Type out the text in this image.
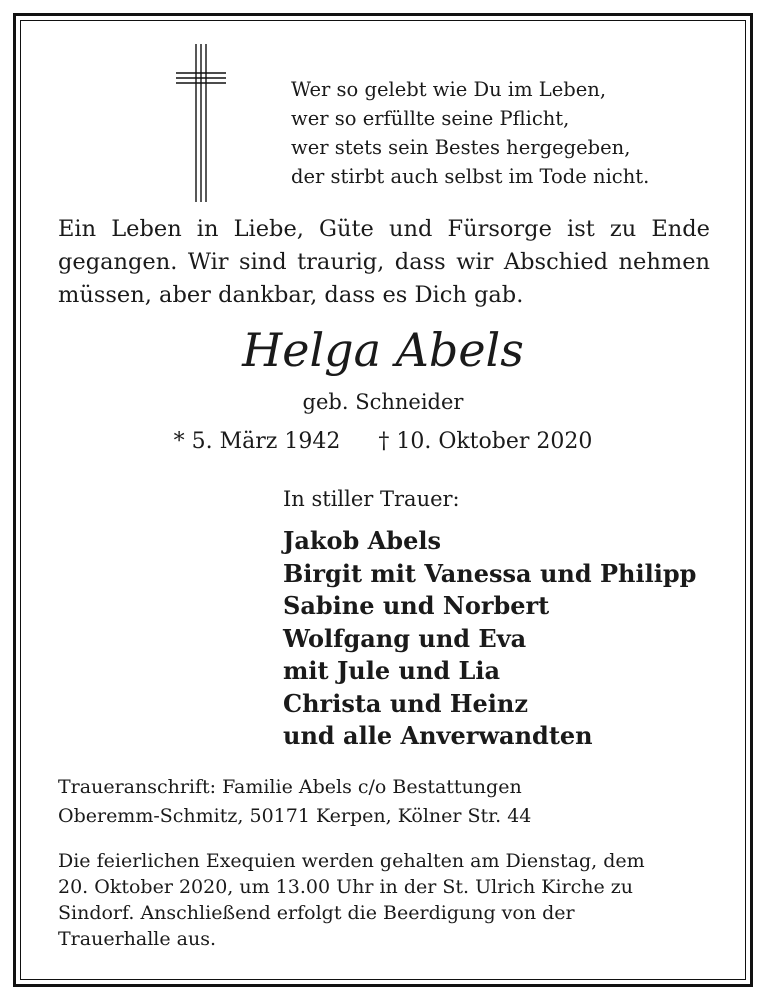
Wer so gelebt wie Du im Leben,
wer so erfüllte seine Pflicht,
wer stets sein Bestes hergegeben,
der stirbt auch selbst im Tode nicht.
Ein Leben in Liebe, Güte und Fürsorge ist zu Ende
gegangen. Wir sind traurig, dass wir Abschied nehmen
müssen, aber dankbar, dass es Dich gab.
Helga Abels
geb. Schneider
* 5. März 1942 † 10. Oktober 2020
In stiller Trauer:
Jakob Abels
Birgit mit Vanessa und Philipp
Sabine und Norbert
Wolfgang und Eva
mit Jule und Lia
Christa und Heinz
und alle Anverwandten
Traueranschrift: Familie Abels c/o Bestattungen
Oberemm-Schmitz, 50171 Kerpen, Kölner Str. 44
Die feierlichen Exequien werden gehalten am Dienstag, dem
20. Oktober 2020, um 13.00 Uhr in der St. Ulrich Kirche zu
Sindorf. Anschließend erfolgt die Beerdigung von der
Trauerhalle aus.
